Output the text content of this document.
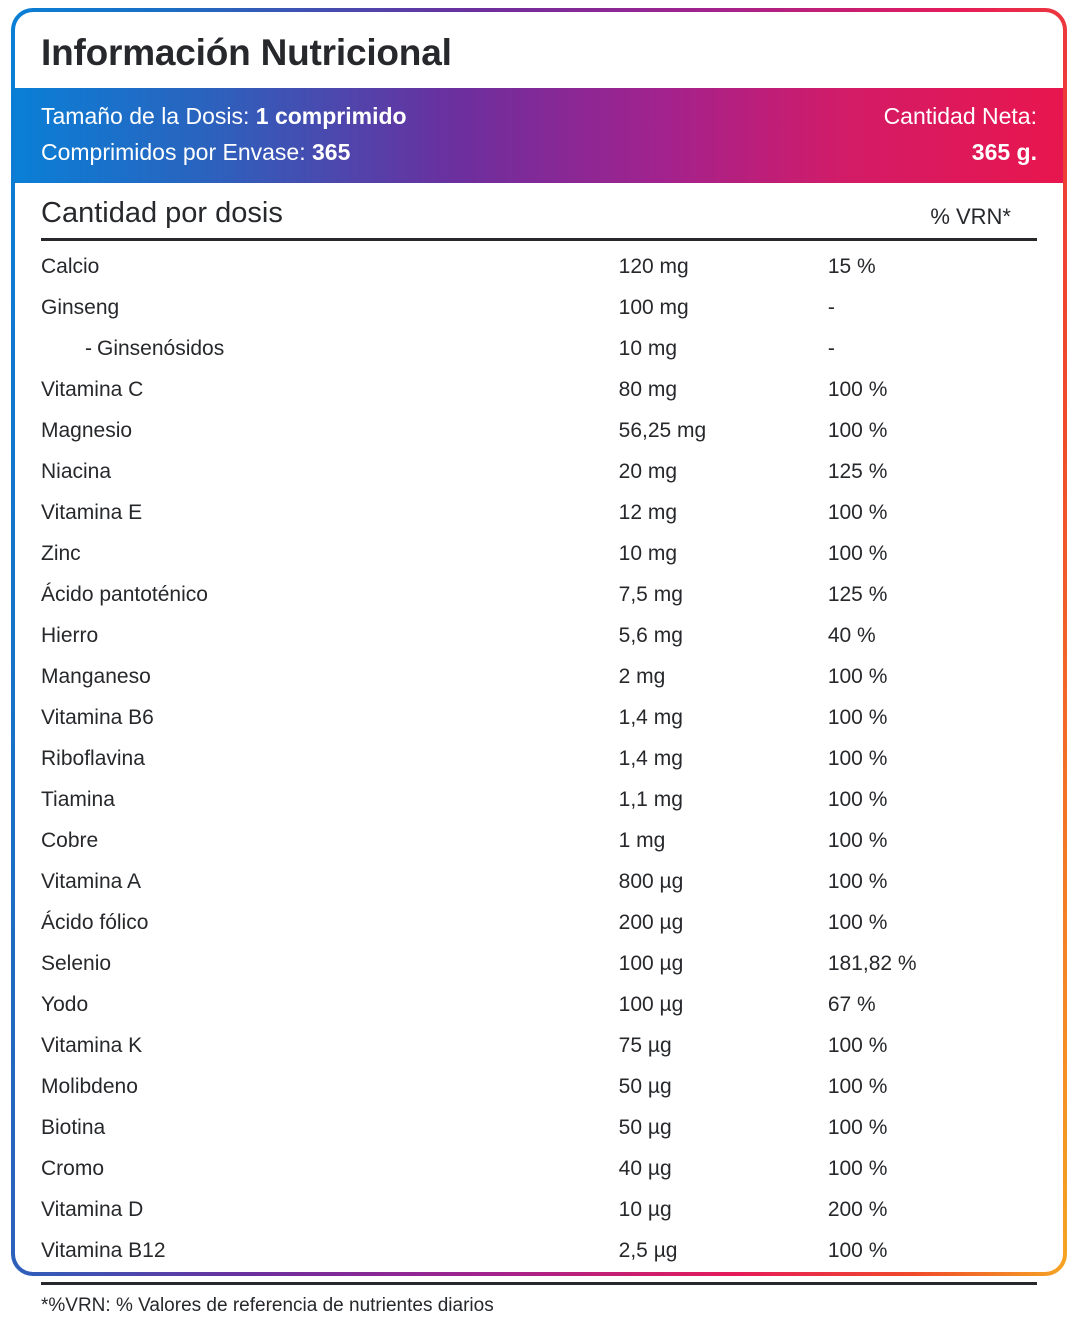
Información Nutricional
Tamaño de la Dosis: 1 comprimido
Comprimidos por Envase: 365
Cantidad Neta:
365 g.
Cantidad por dosis	% VRN*
Calcio	120 mg	15 %
Ginseng	100 mg	-
- Ginsenósidos	10 mg	-
Vitamina C	80 mg	100 %
Magnesio	56,25 mg	100 %
Niacina	20 mg	125 %
Vitamina E	12 mg	100 %
Zinc	10 mg	100 %
Ácido pantoténico	7,5 mg	125 %
Hierro	5,6 mg	40 %
Manganeso	2 mg	100 %
Vitamina B6	1,4 mg	100 %
Riboflavina	1,4 mg	100 %
Tiamina	1,1 mg	100 %
Cobre	1 mg	100 %
Vitamina A	800 µg	100 %
Ácido fólico	200 µg	100 %
Selenio	100 µg	181,82 %
Yodo	100 µg	67 %
Vitamina K	75 µg	100 %
Molibdeno	50 µg	100 %
Biotina	50 µg	100 %
Cromo	40 µg	100 %
Vitamina D	10 µg	200 %
Vitamina B12	2,5 µg	100 %
*%VRN: % Valores de referencia de nutrientes diarios
